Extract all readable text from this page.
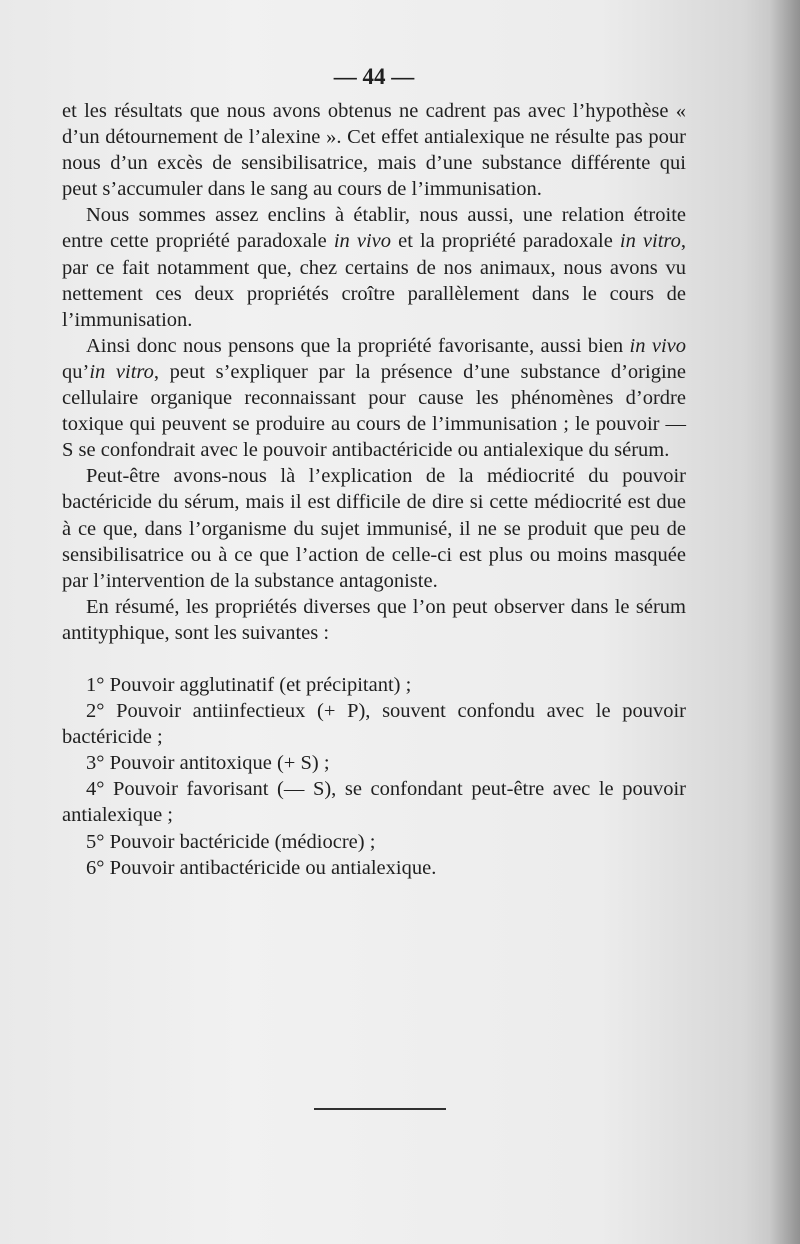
— 44 —

et les résultats que nous avons obtenus ne cadrent pas avec l’hypothèse « d’un détournement de l’alexine ». Cet effet antialexique ne résulte pas pour nous d’un excès de sensibilisatrice, mais d’une substance différente qui peut s’accumuler dans le sang au cours de l’immunisation.

Nous sommes assez enclins à établir, nous aussi, une relation étroite entre cette propriété paradoxale in vivo et la propriété paradoxale in vitro, par ce fait notamment que, chez certains de nos animaux, nous avons vu nettement ces deux propriétés croître parallèlement dans le cours de l’immunisation.

Ainsi donc nous pensons que la propriété favorisante, aussi bien in vivo qu’in vitro, peut s’expliquer par la présence d’une substance d’origine cellulaire organique reconnaissant pour cause les phénomènes d’ordre toxique qui peuvent se produire au cours de l’immunisation ; le pouvoir — S se confondrait avec le pouvoir antibactéricide ou antialexique du sérum.

Peut-être avons-nous là l’explication de la médiocrité du pouvoir bactéricide du sérum, mais il est difficile de dire si cette médiocrité est due à ce que, dans l’organisme du sujet immunisé, il ne se produit que peu de sensibilisatrice ou à ce que l’action de celle-ci est plus ou moins masquée par l’intervention de la substance antagoniste.

En résumé, les propriétés diverses que l’on peut observer dans le sérum antityphique, sont les suivantes :

1° Pouvoir agglutinatif (et précipitant) ;

2° Pouvoir antiinfectieux (+ P), souvent confondu avec le pouvoir bactéricide ;

3° Pouvoir antitoxique (+ S) ;

4° Pouvoir favorisant (— S), se confondant peut-être avec le pouvoir antialexique ;

5° Pouvoir bactéricide (médiocre) ;

6° Pouvoir antibactéricide ou antialexique.
